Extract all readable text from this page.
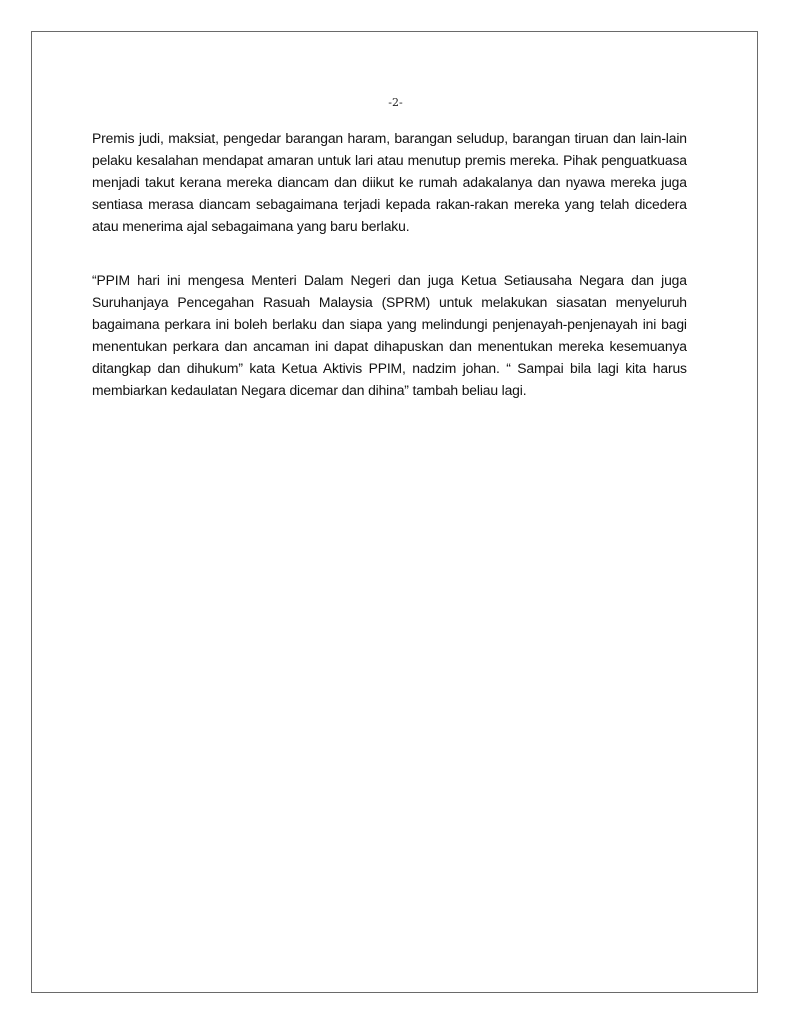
-2-

Premis judi, maksiat, pengedar barangan haram, barangan seludup, barangan tiruan dan lain-lain pelaku kesalahan mendapat amaran untuk lari atau menutup premis mereka. Pihak penguatkuasa menjadi takut kerana mereka diancam dan diikut ke rumah adakalanya dan nyawa mereka juga sentiasa merasa diancam sebagaimana terjadi kepada rakan-rakan mereka yang telah dicedera atau menerima ajal sebagaimana yang baru berlaku.

“PPIM hari ini mengesa Menteri Dalam Negeri dan juga Ketua Setiausaha Negara dan juga Suruhanjaya Pencegahan Rasuah Malaysia (SPRM) untuk melakukan siasatan menyeluruh bagaimana perkara ini boleh berlaku dan siapa yang melindungi penjenayah-penjenayah ini bagi menentukan perkara dan ancaman ini dapat dihapuskan dan menentukan mereka kesemuanya ditangkap dan dihukum” kata Ketua Aktivis PPIM, nadzim johan. “ Sampai bila lagi kita harus membiarkan kedaulatan Negara dicemar dan dihina” tambah beliau lagi.
